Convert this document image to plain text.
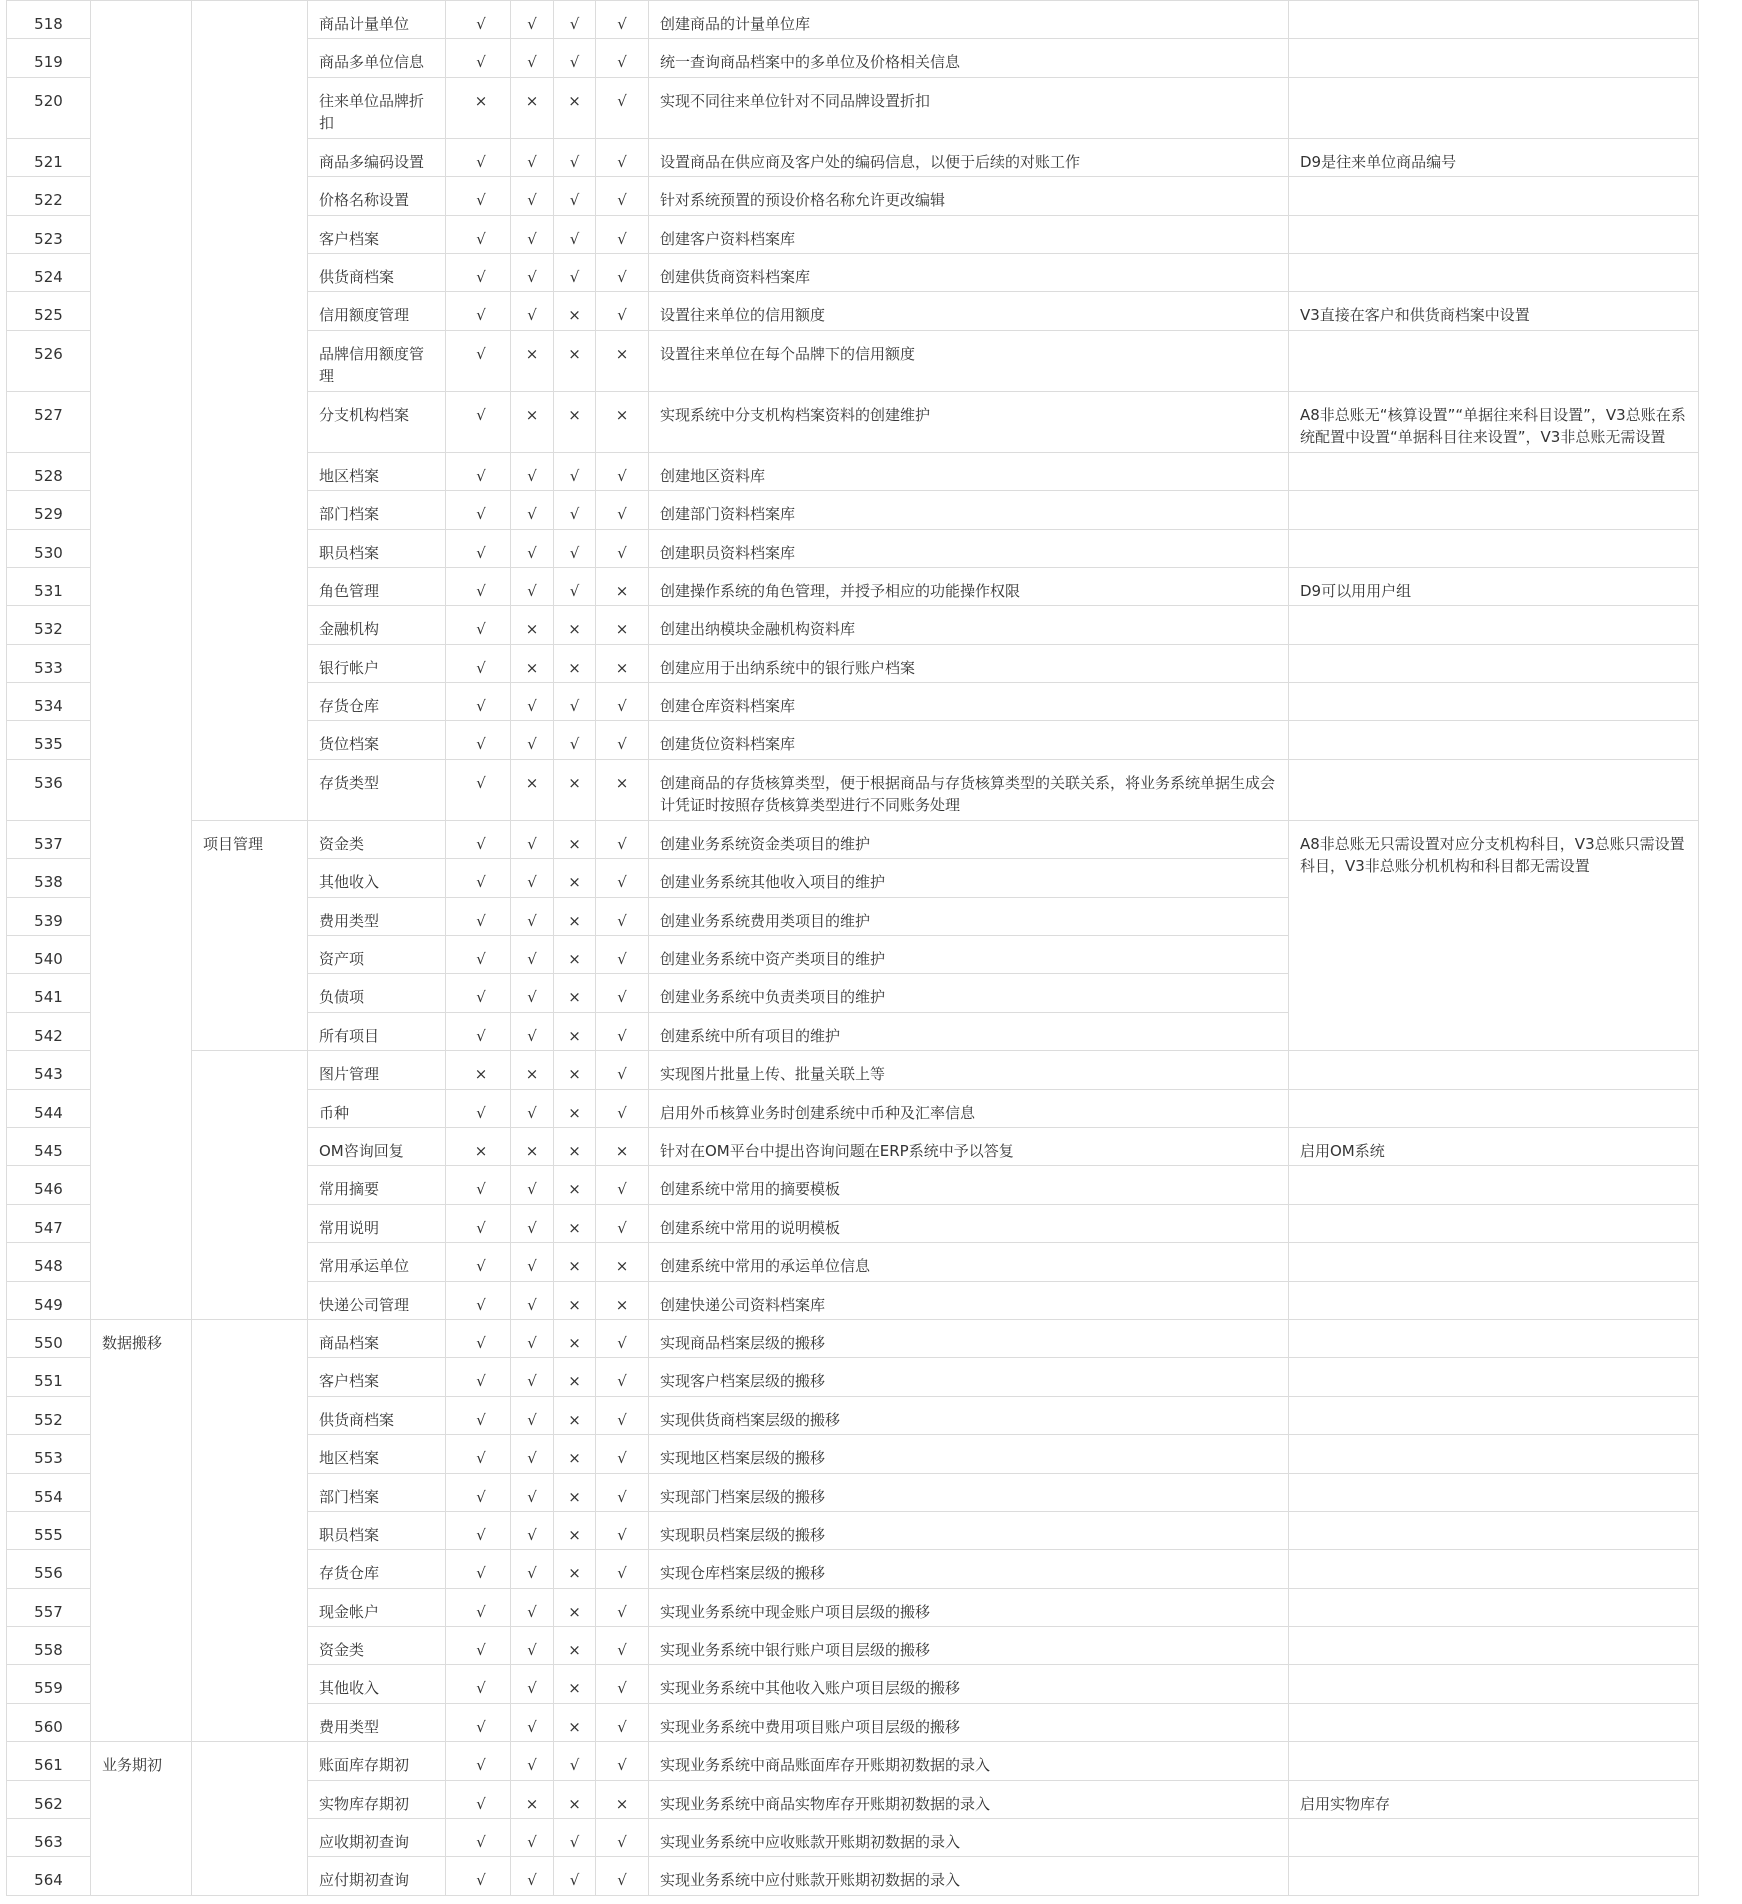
518			商品计量单位	√	√	√	√	创建商品的计量单位库	
519			商品多单位信息	√	√	√	√	统一查询商品档案中的多单位及价格相关信息	
520			往来单位品牌折扣	×	×	×	√	实现不同往来单位针对不同品牌设置折扣	
521			商品多编码设置	√	√	√	√	设置商品在供应商及客户处的编码信息，以便于后续的对账工作	D9是往来单位商品编号
522			价格名称设置	√	√	√	√	针对系统预置的预设价格名称允许更改编辑	
523			客户档案	√	√	√	√	创建客户资料档案库	
524			供货商档案	√	√	√	√	创建供货商资料档案库	
525			信用额度管理	√	√	×	√	设置往来单位的信用额度	V3直接在客户和供货商档案中设置
526			品牌信用额度管理	√	×	×	×	设置往来单位在每个品牌下的信用额度	
527			分支机构档案	√	×	×	×	实现系统中分支机构档案资料的创建维护	A8非总账无“核算设置”“单据往来科目设置”，V3总账在系统配置中设置“单据科目往来设置”，V3非总账无需设置
528			地区档案	√	√	√	√	创建地区资料库	
529			部门档案	√	√	√	√	创建部门资料档案库	
530			职员档案	√	√	√	√	创建职员资料档案库	
531			角色管理	√	√	√	×	创建操作系统的角色管理，并授予相应的功能操作权限	D9可以用用户组
532			金融机构	√	×	×	×	创建出纳模块金融机构资料库	
533			银行帐户	√	×	×	×	创建应用于出纳系统中的银行账户档案	
534			存货仓库	√	√	√	√	创建仓库资料档案库	
535			货位档案	√	√	√	√	创建货位资料档案库	
536			存货类型	√	×	×	×	创建商品的存货核算类型，便于根据商品与存货核算类型的关联关系，将业务系统单据生成会计凭证时按照存货核算类型进行不同账务处理	
537		项目管理	资金类	√	√	×	√	创建业务系统资金类项目的维护	A8非总账无只需设置对应分支机构科目，V3总账只需设置科目，V3非总账分机机构和科目都无需设置
538			其他收入	√	√	×	√	创建业务系统其他收入项目的维护	
539			费用类型	√	√	×	√	创建业务系统费用类项目的维护	
540			资产项	√	√	×	√	创建业务系统中资产类项目的维护	
541			负债项	√	√	×	√	创建业务系统中负责类项目的维护	
542			所有项目	√	√	×	√	创建系统中所有项目的维护	
543			图片管理	×	×	×	√	实现图片批量上传、批量关联上等	
544			币种	√	√	×	√	启用外币核算业务时创建系统中币种及汇率信息	
545			OM咨询回复	×	×	×	×	针对在OM平台中提出咨询问题在ERP系统中予以答复	启用OM系统
546			常用摘要	√	√	×	√	创建系统中常用的摘要模板	
547			常用说明	√	√	×	√	创建系统中常用的说明模板	
548			常用承运单位	√	√	×	×	创建系统中常用的承运单位信息	
549			快递公司管理	√	√	×	×	创建快递公司资料档案库	
550	数据搬移		商品档案	√	√	×	√	实现商品档案层级的搬移	
551			客户档案	√	√	×	√	实现客户档案层级的搬移	
552			供货商档案	√	√	×	√	实现供货商档案层级的搬移	
553			地区档案	√	√	×	√	实现地区档案层级的搬移	
554			部门档案	√	√	×	√	实现部门档案层级的搬移	
555			职员档案	√	√	×	√	实现职员档案层级的搬移	
556			存货仓库	√	√	×	√	实现仓库档案层级的搬移	
557			现金帐户	√	√	×	√	实现业务系统中现金账户项目层级的搬移	
558			资金类	√	√	×	√	实现业务系统中银行账户项目层级的搬移	
559			其他收入	√	√	×	√	实现业务系统中其他收入账户项目层级的搬移	
560			费用类型	√	√	×	√	实现业务系统中费用项目账户项目层级的搬移	
561	业务期初		账面库存期初	√	√	√	√	实现业务系统中商品账面库存开账期初数据的录入	
562			实物库存期初	√	×	×	×	实现业务系统中商品实物库存开账期初数据的录入	启用实物库存
563			应收期初查询	√	√	√	√	实现业务系统中应收账款开账期初数据的录入	
564			应付期初查询	√	√	√	√	实现业务系统中应付账款开账期初数据的录入	
